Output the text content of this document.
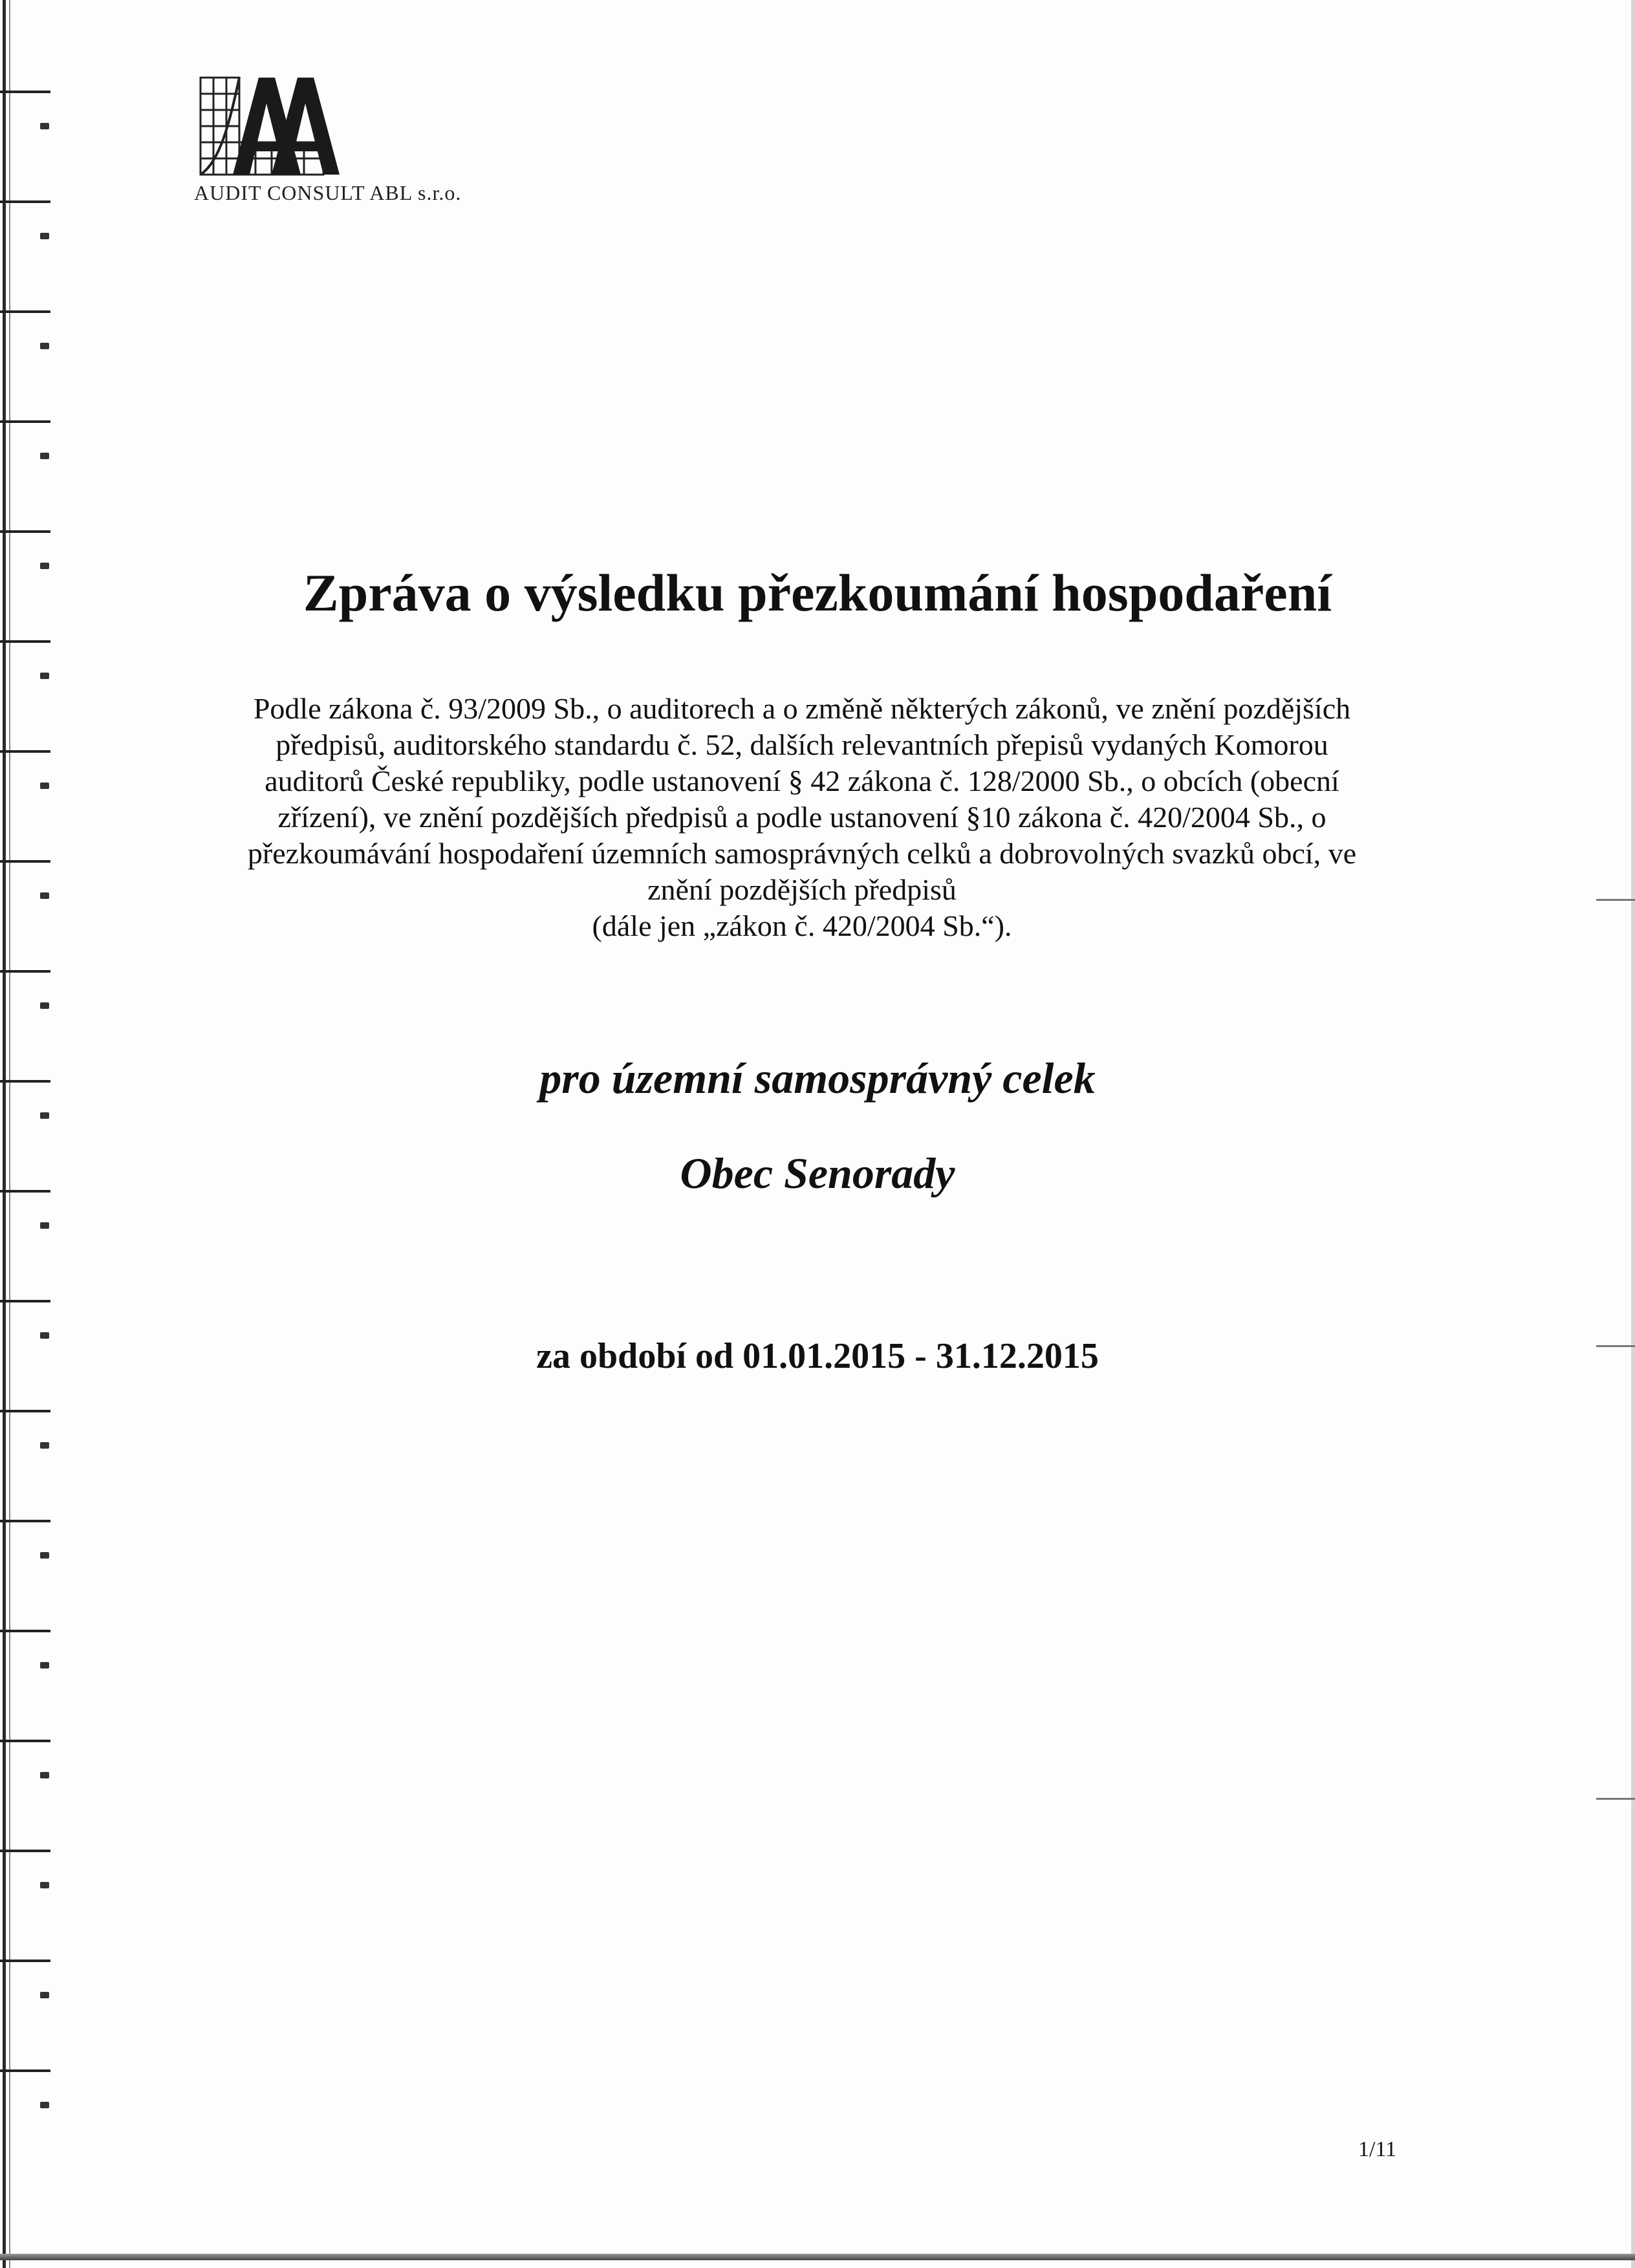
AUDIT CONSULT ABL s.r.o.
Zpráva o výsledku přezkoumání hospodaření
Podle zákona č. 93/2009 Sb., o auditorech a o změně některých zákonů, ve znění pozdějších
předpisů, auditorského standardu č. 52, dalších relevantních přepisů vydaných Komorou
auditorů České republiky, podle ustanovení § 42 zákona č. 128/2000 Sb., o obcích (obecní
zřízení), ve znění pozdějších předpisů a podle ustanovení §10 zákona č. 420/2004 Sb., o
přezkoumávání hospodaření územních samosprávných celků a dobrovolných svazků obcí, ve
znění pozdějších předpisů
(dále jen „zákon č. 420/2004 Sb.“).
pro územní samosprávný celek
Obec Senorady
za období od 01.01.2015 - 31.12.2015
1/11
